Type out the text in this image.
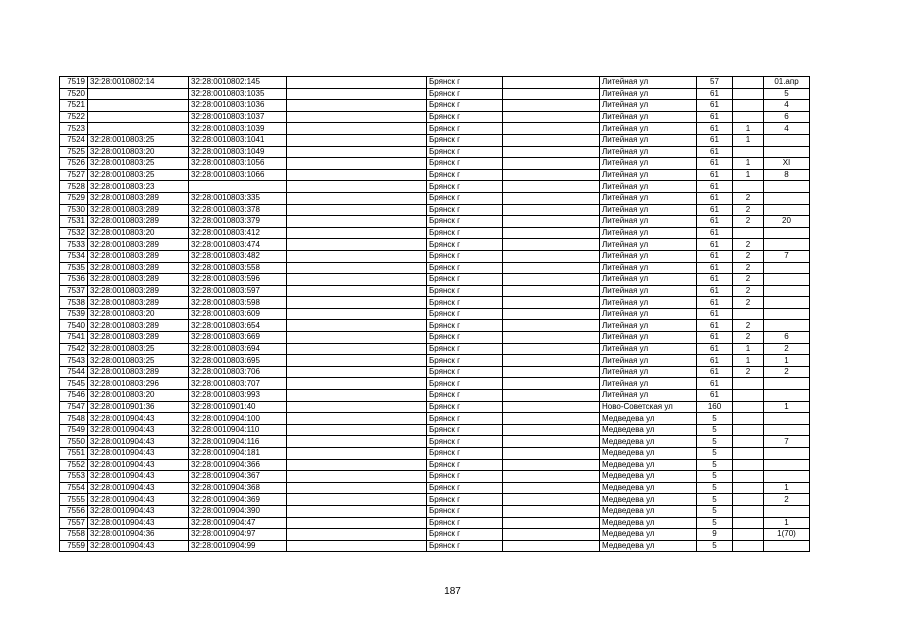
7519	32:28:0010802:14	32:28:0010802:145		Брянск г		Литейная ул	57		01.апр
7520		32:28:0010803:1035		Брянск г		Литейная ул	61		5
7521		32:28:0010803:1036		Брянск г		Литейная ул	61		4
7522		32:28:0010803:1037		Брянск г		Литейная ул	61		6
7523		32:28:0010803:1039		Брянск г		Литейная ул	61	1	4
7524	32:28:0010803:25	32:28:0010803:1041		Брянск г		Литейная ул	61	1	
7525	32:28:0010803:20	32:28:0010803:1049		Брянск г		Литейная ул	61		
7526	32:28:0010803:25	32:28:0010803:1056		Брянск г		Литейная ул	61	1	XI
7527	32:28:0010803:25	32:28:0010803:1066		Брянск г		Литейная ул	61	1	8
7528	32:28:0010803:23			Брянск г		Литейная ул	61		
7529	32:28:0010803:289	32:28:0010803:335		Брянск г		Литейная ул	61	2	
7530	32:28:0010803:289	32:28:0010803:378		Брянск г		Литейная ул	61	2	
7531	32:28:0010803:289	32:28:0010803:379		Брянск г		Литейная ул	61	2	20
7532	32:28:0010803:20	32:28:0010803:412		Брянск г		Литейная ул	61		
7533	32:28:0010803:289	32:28:0010803:474		Брянск г		Литейная ул	61	2	
7534	32:28:0010803:289	32:28:0010803:482		Брянск г		Литейная ул	61	2	7
7535	32:28:0010803:289	32:28:0010803:558		Брянск г		Литейная ул	61	2	
7536	32:28:0010803:289	32:28:0010803:596		Брянск г		Литейная ул	61	2	
7537	32:28:0010803:289	32:28:0010803:597		Брянск г		Литейная ул	61	2	
7538	32:28:0010803:289	32:28:0010803:598		Брянск г		Литейная ул	61	2	
7539	32:28:0010803:20	32:28:0010803:609		Брянск г		Литейная ул	61		
7540	32:28:0010803:289	32:28:0010803:654		Брянск г		Литейная ул	61	2	
7541	32:28:0010803:289	32:28:0010803:669		Брянск г		Литейная ул	61	2	6
7542	32:28:0010803:25	32:28:0010803:694		Брянск г		Литейная ул	61	1	2
7543	32:28:0010803:25	32:28:0010803:695		Брянск г		Литейная ул	61	1	1
7544	32:28:0010803:289	32:28:0010803:706		Брянск г		Литейная ул	61	2	2
7545	32:28:0010803:296	32:28:0010803:707		Брянск г		Литейная ул	61		
7546	32:28:0010803:20	32:28:0010803:993		Брянск г		Литейная ул	61		
7547	32:28:0010901:36	32:28:0010901:40		Брянск г		Ново-Советская ул	160		1
7548	32:28:0010904:43	32:28:0010904:100		Брянск г		Медведева ул	5		
7549	32:28:0010904:43	32:28:0010904:110		Брянск г		Медведева ул	5		
7550	32:28:0010904:43	32:28:0010904:116		Брянск г		Медведева ул	5		7
7551	32:28:0010904:43	32:28:0010904:181		Брянск г		Медведева ул	5		
7552	32:28:0010904:43	32:28:0010904:366		Брянск г		Медведева ул	5		
7553	32:28:0010904:43	32:28:0010904:367		Брянск г		Медведева ул	5		
7554	32:28:0010904:43	32:28:0010904:368		Брянск г		Медведева ул	5		1
7555	32:28:0010904:43	32:28:0010904:369		Брянск г		Медведева ул	5		2
7556	32:28:0010904:43	32:28:0010904:390		Брянск г		Медведева ул	5		
7557	32:28:0010904:43	32:28:0010904:47		Брянск г		Медведева ул	5		1
7558	32:28:0010904:36	32:28:0010904:97		Брянск г		Медведева ул	9		1(70)
7559	32:28:0010904:43	32:28:0010904:99		Брянск г		Медведева ул	5		
187
